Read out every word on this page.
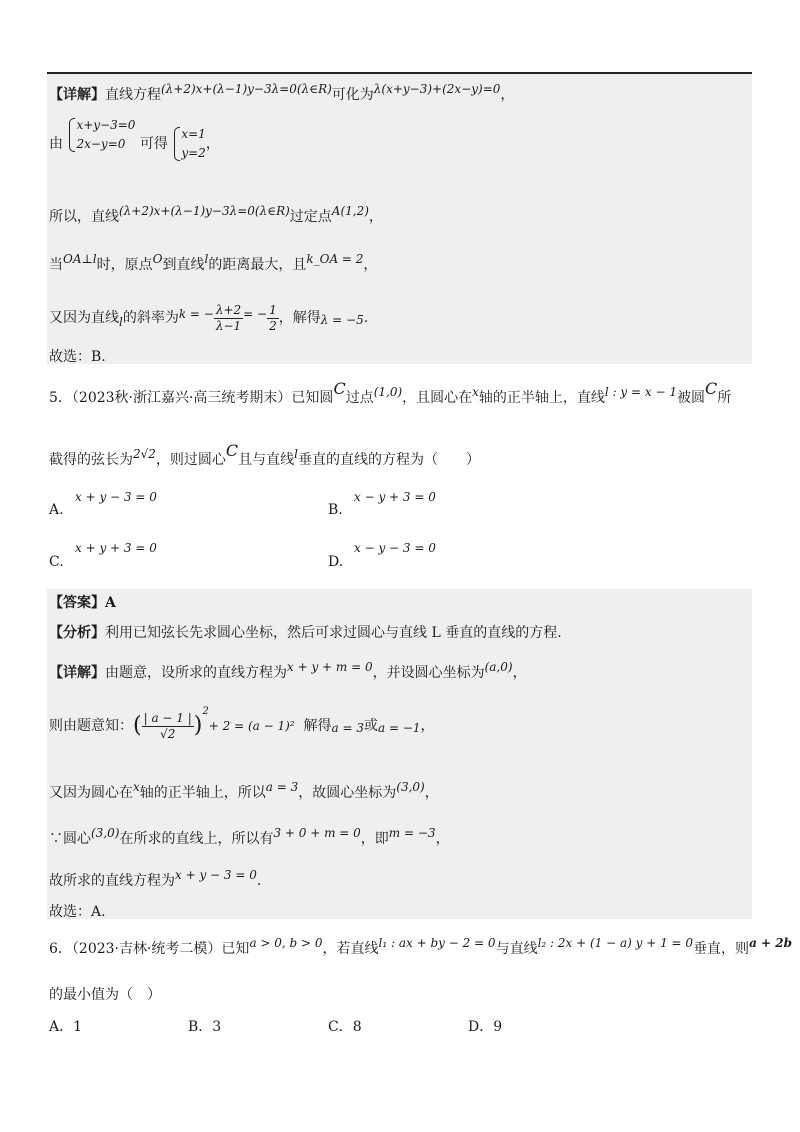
【详解】直线方程(λ+2)x+(λ−1)y−3λ=0(λ∈R)可化为λ(x+y−3)+(2x−y)=0，
由 x+y−3=0
2x−y=0 可得 x=1
y=2，
所以，直线(λ+2)x+(λ−1)y−3λ=0(λ∈R)过定点A(1,2)，
当OA⊥l时，原点O到直线l的距离最大，且k_OA = 2，
又因为直线l的斜率为k = − $\frac{\lambda+2}{\lambda-1}$ = − $\frac{1}{2}$ ，解得λ = −5.
故选：B.
5．（2023秋·浙江嘉兴·高三统考期末）已知圆C过点(1,0)，且圆心在x轴的正半轴上，直线l : y = x − 1被圆C所
截得的弦长为2√2，则过圆心C且与直线l垂直的直线的方程为（　　）
A.
x + y − 3 = 0
B.
x − y + 3 = 0
C.
x + y + 3 = 0
D.
x − y − 3 = 0
【答案】A
【分析】利用已知弦长先求圆心坐标，然后可求过圆心与直线 L 垂直的直线的方程.
【详解】由题意，设所求的直线方程为x + y + m = 0，并设圆心坐标为(a,0)，
则由题意知：( $\frac{| a - 1 |}{√2} )^2+ 2 = (a - 1)^2$ 解得a = 3或a = −1，
又因为圆心在x轴的正半轴上，所以a = 3，故圆心坐标为(3,0)，
∵圆心(3,0)在所求的直线上，所以有3 + 0 + m = 0，即m = −3，
故所求的直线方程为x + y − 3 = 0.
故选：A.
6．（2023·吉林·统考二模）已知a > 0, b > 0，若直线l₁ : ax + by − 2 = 0与直线l₂ : 2x + (1 − a) y + 1 = 0垂直，则a + 2b
的最小值为（　）
A．1	B．3	C．8	D．9
